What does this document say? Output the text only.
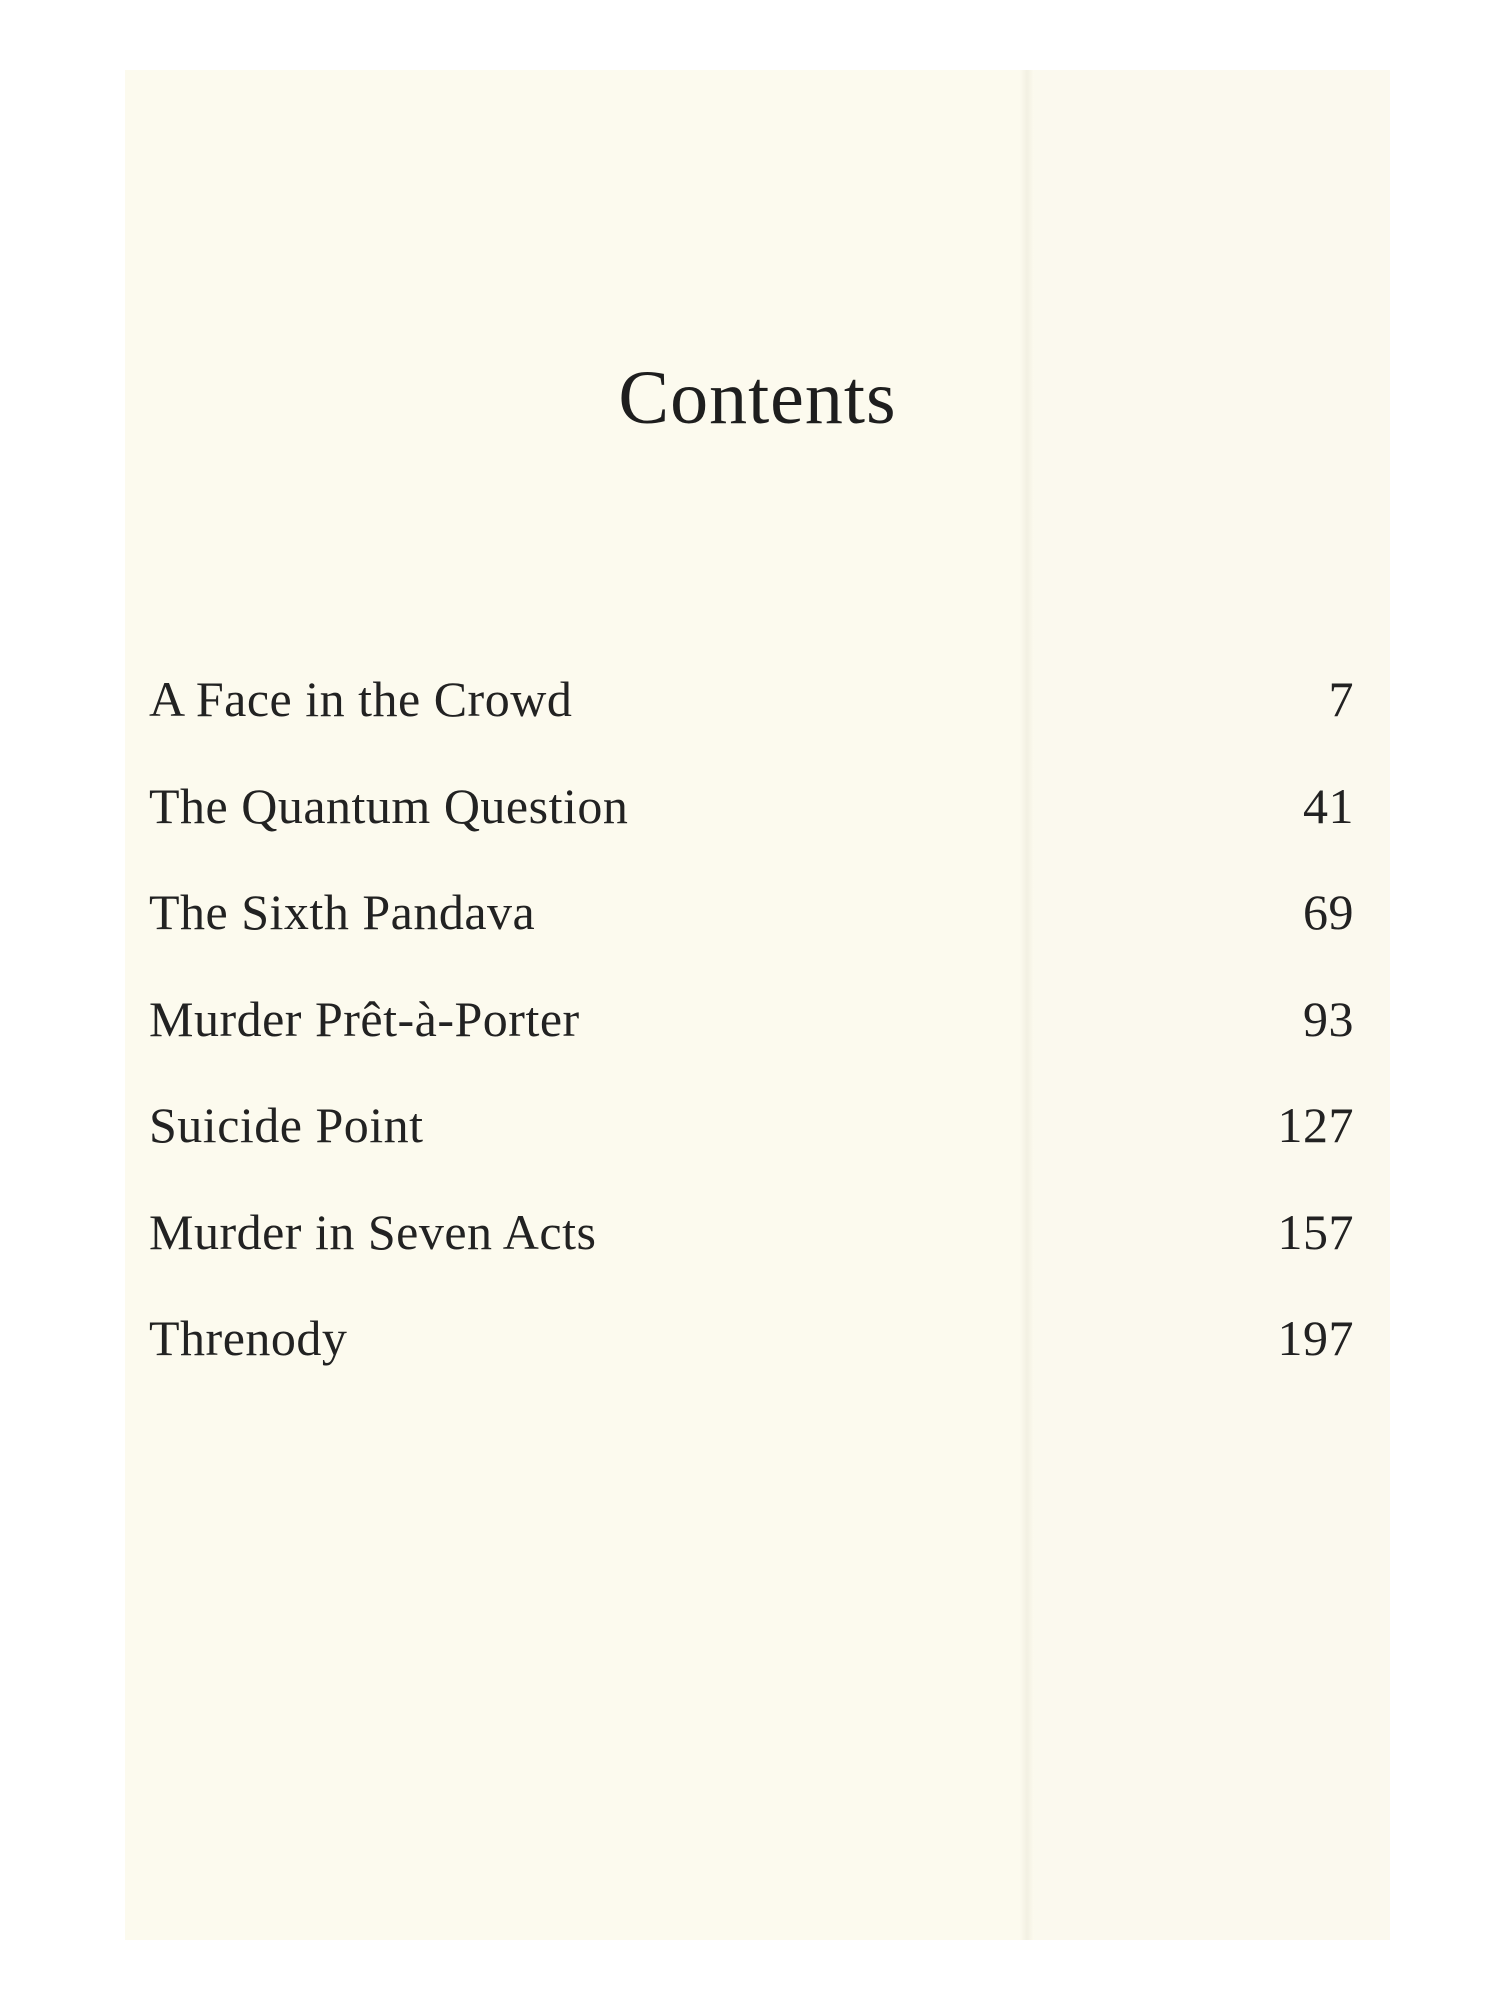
Contents
A Face in the Crowd	7
The Quantum Question	41
The Sixth Pandava	69
Murder Prêt-à-Porter	93
Suicide Point	127
Murder in Seven Acts	157
Threnody	197
